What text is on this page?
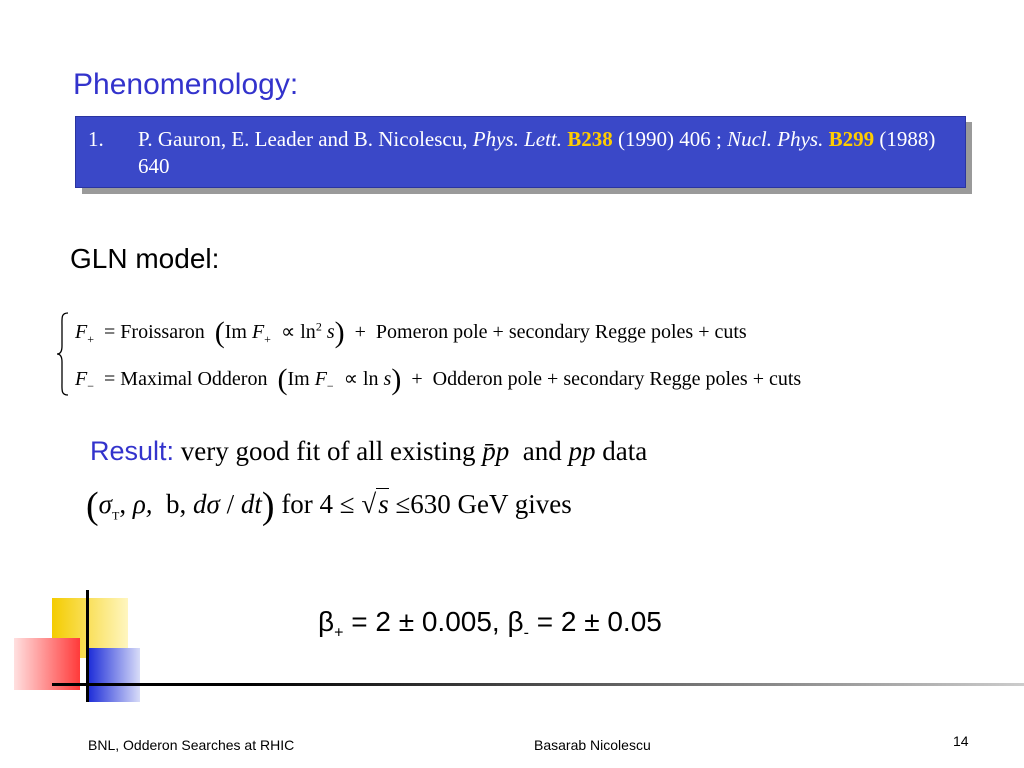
Phenomenology:
1. P. Gauron, E. Leader and B. Nicolescu, Phys. Lett. B238 (1990) 406 ; Nucl. Phys. B299 (1988) 640
GLN model:
$F_+$ = Froissaron (Im $F_+ \propto \ln^2 s$) + Pomeron pole + secondary Regge poles + cuts
$F_-$ = Maximal Odderon (Im $F_- \propto \ln s$) + Odderon pole + secondary Regge poles + cuts
Result: very good fit of all existing p̄p and pp data
($\sigma_T$, ρ, b, dσ / dt) for 4 ≤ √s ≤630 GeV gives
$\beta_+ = 2 \pm 0.005$, $\beta_- = 2 \pm 0.05$
BNL, Odderon Searches at RHIC	Basarab Nicolescu	14
